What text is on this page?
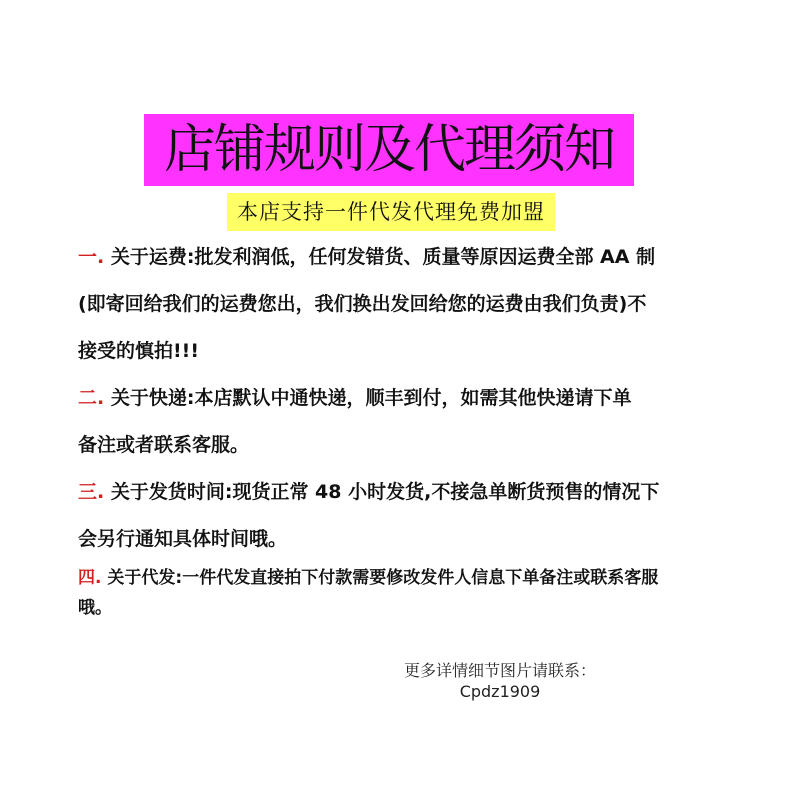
店铺规则及代理须知
本店支持一件代发代理免费加盟
一. 关于运费:批发利润低，任何发错货、质量等原因运费全部 AA 制
(即寄回给我们的运费您出，我们换出发回给您的运费由我们负责)不
接受的慎拍!!!
二. 关于快递:本店默认中通快递，顺丰到付，如需其他快递请下单
备注或者联系客服。
三. 关于发货时间:现货正常 48 小时发货,不接急单断货预售的情况下
会另行通知具体时间哦。
四. 关于代发:一件代发直接拍下付款需要修改发件人信息下单备注或联系客服
哦。
更多详情细节图片请联系：
Cpdz1909
